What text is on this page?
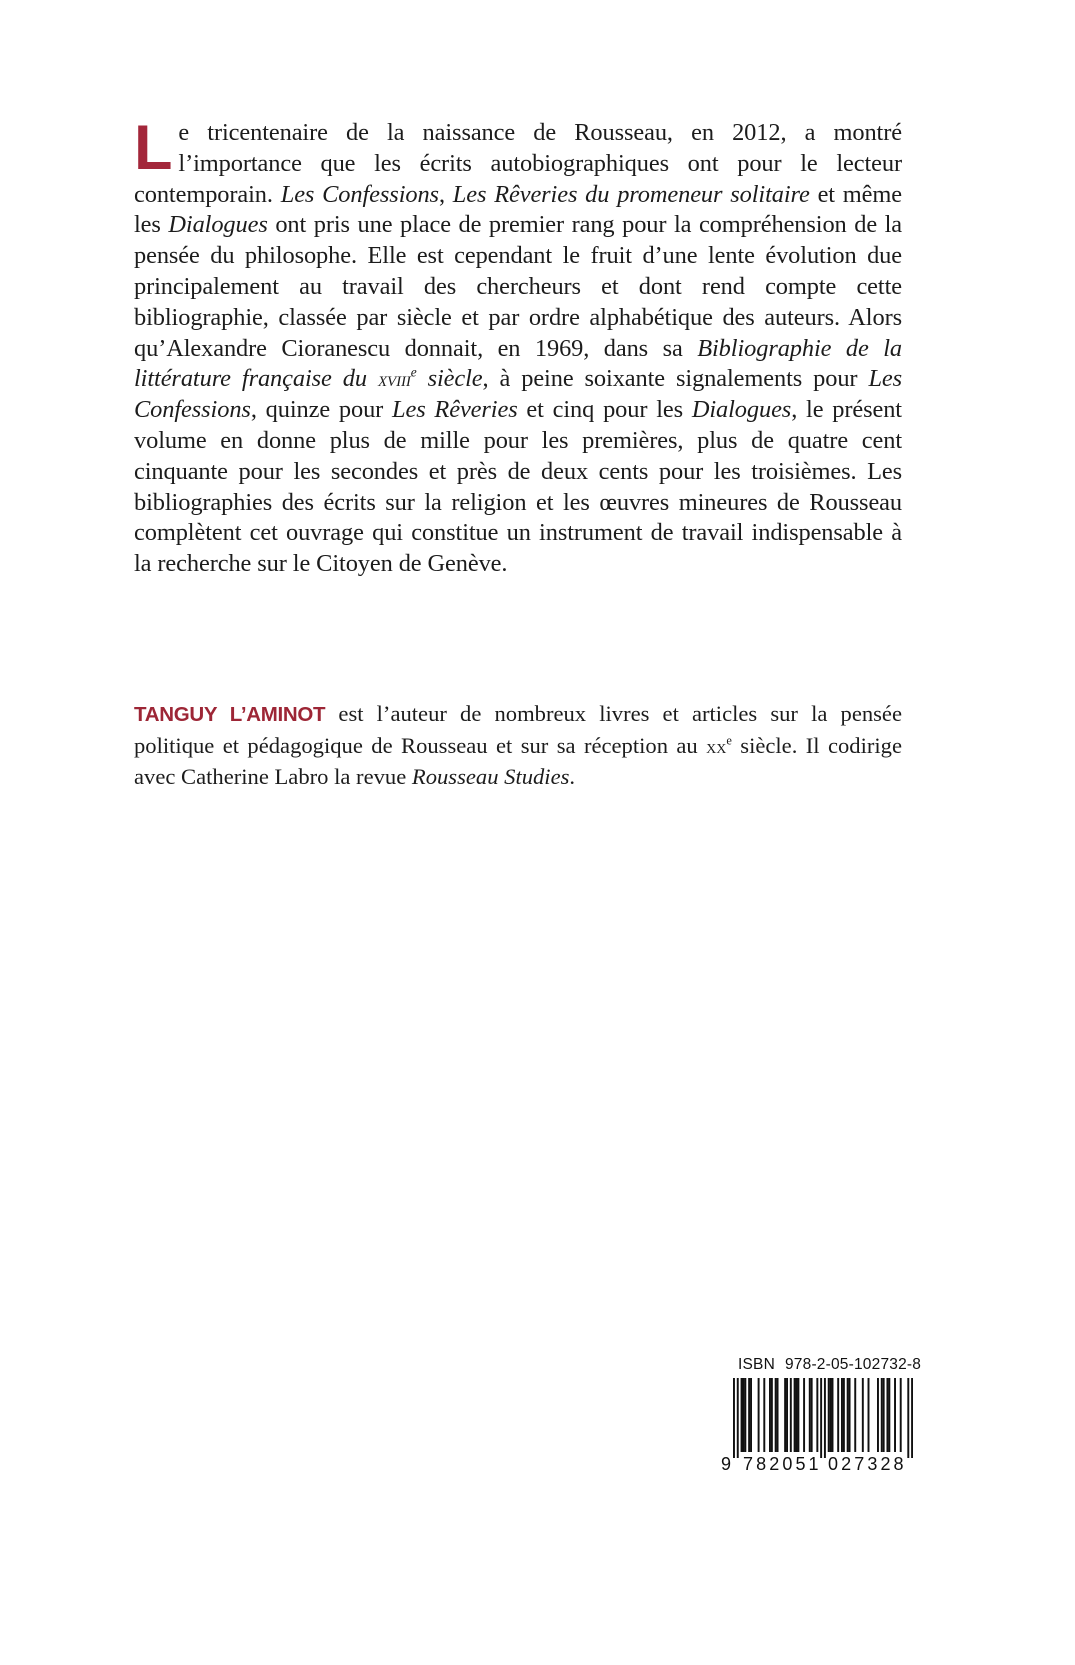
L e tricentenaire de la naissance de Rousseau, en 2012, a montré l’importance que les écrits autobiographiques ont pour le lecteur contemporain. Les Confessions, Les Rêveries du promeneur solitaire et même les Dialogues ont pris une place de premier rang pour la compréhension de la pensée du philosophe. Elle est cependant le fruit d’une lente évolution due principalement au travail des chercheurs et dont rend compte cette bibliographie, classée par siècle et par ordre alphabétique des auteurs. Alors qu’Alexandre Cioranescu donnait, en 1969, dans sa Bibliographie de la littérature française du xviii$^e$ siècle, à peine soixante signalements pour Les Confessions, quinze pour Les Rêveries et cinq pour les Dialogues, le présent volume en donne plus de mille pour les premières, plus de quatre cent cinquante pour les secondes et près de deux cents pour les troisièmes. Les bibliographies des écrits sur la religion et les œuvres mineures de Rousseau complètent cet ouvrage qui constitue un instrument de travail indispensable à la recherche sur le Citoyen de Genève.
TANGUY L’AMINOT est l’auteur de nombreux livres et articles sur la pensée politique et pédagogique de Rousseau et sur sa réception au $xx^e$ siècle. Il codirige avec Catherine Labro la revue Rousseau Studies.
ISBN 978-2-05-102732-8
9 782051 027328
